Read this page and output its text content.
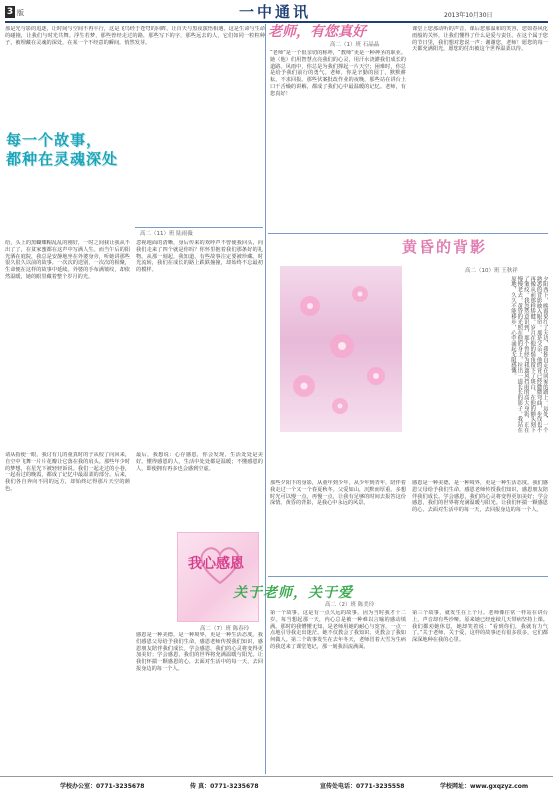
3 版	一中通讯	2013年10月30日
那是光与影的追逐，让时间与空间不再平行，这是飞鸟经于苍穹的回眸，让百天与黑夜演悟相遇，这是生命与生命的碰撞，让我们与时光共舞。浮生若梦，那些曾经走过的路，那些写下的字，那些远去的人，它们如同一粒粒种子，被埋藏在灵魂的深处，在某一个不经意的瞬间，悄然发芽。
每一个故事，
都种在灵魂深处
高二（11）班 陆雨薇
给，头上的黑蝴蝶帽乱乱的刚好，一时之间我让我从不出了了，在贫家蜜都在这声中写满人生。而当午后的阳光洒在庭院，我总是安静地坐在外婆身旁，听她讲那些很久很久以前的故事。一次次的送别，一次次的相聚，生命便在这样的故事中延续。外婆的手布满皱纹，却依然温暖，她的眼里藏着整个岁月的光。
忽视地面的清晰，身后传来的欢呼声不曾使我回头，向我们走来了四个就是你吗？你怀里抱着我们那条好的礼物。从那一刻起，我知道，有些故事注定要被珍藏。时光流转，我们在成长的路上跌跌撞撞，却始终不忘最初的模样。
请从指使一眼，我讨有儿的童真时的子从校了向回来，自空中飞舞一片片花瓣让它落在我的肩头。那些年少时的梦想，在星光下被轻轻诉说。我们一起走过的小巷，一起看过的晚霞，都成了记忆中最温柔的部分。后来，我们各自奔向不同的远方，却始终记得那片天空的颜色。
最后，我想说：心存感恩，你会发现，生活处处是美好。懂得感恩的人，生活中处处都是温暖；不懂感恩的人，即使拥有再多也会感到空虚。
我心感恩
高二（7）班 陈春玲
感恩是一种美德，是一种境界，更是一种生活态度。我们感恩父母给予我们生命，感恩老师传授我们知识，感恩朋友陪伴我们成长。学会感恩，我们的心灵将变得更加美好；学会感恩，我们的世界将充满温暖与阳光。让我们怀揣一颗感恩的心，去面对生活中的每一天，去回报身边的每一个人。
老师，有您真好
高二（1）班 石晶晶
“老师”是一个很亲切的称呼，“教师”更是一种神圣的职业。她（他）们用智慧点亮我们的心灵，用汗水浇灌我们成长的道路。风雨中，你总是为我们撑起一片天空；困难时，你总是给予我们前行的勇气。老师，你是辛勤的园丁，默默耕耘，不求回报。那些伏案批改作业的夜晚，那些站在讲台上口干舌燥的讲解，都成了我们心中最温暖的记忆。老师，有您真好！
课堂上您那动听的声音，课后您那温和的笑容，您如春风化雨般的关怀，让我们懂得了什么是爱与责任。在这个属于您的节日里，我们想对您说一声：谢谢您，老师！愿您的每一天都充满阳光，愿您的付出被这个世界温柔以待。
黄昏的背影
高二（10）班 王秋祥
夕阳西下，晚霞染红了天边，我独自走在回家的路上。远处，一个熟悉的背影映入眼帘。那是父亲，他的背已经微微弯曲，步伐也不再像从前那样矫健。岁月在他的鬓角留下了斑白，在他的额头刻下了皱纹。我忽然意识到，那个曾经为我遮风挡雨的高大身影，正在慢慢老去。黄昏的光照在他的身上，拉出一道长长的影子。我站在原地，久久不能移步，心中涌起无限感慨。
那些夕阳下的身影，从童年到少年，从少年到青年，陪伴着我走过一个又一个春夏秋冬。父爱如山，沉默而厚重。多想时光可以慢一点，再慢一点，让我有足够的时间去报答这份深情。黄昏的背影，是我心中永远的风景。
感恩是一种美德，是一种境界，更是一种生活态度。我们感恩父母给予我们生命，感恩老师传授我们知识，感恩朋友陪伴我们成长。学会感恩，我们的心灵将变得更加美好；学会感恩，我们的世界将充满温暖与阳光。让我们怀揣一颗感恩的心，去面对生活中的每一天，去回报身边的每一个人。
关于老师，关于爱
高二（2）班 陈美玲
第一个故事，这是有一点久远的故事。因为当时我才十二岁。每当想起那一天，内心总是被一种难以言喻的感动填满。那时的我懵懂无知，是老师用她的耐心与宽容，一点一点地引导我走出迷茫。她不仅教会了我知识，更教会了我如何做人。第二个故事发生在去年冬天，老师冒着大雪为生病的我送来了课堂笔记，那一刻我泪流满面。
第三个故事，就发生在上个月。老师像往常一样站在讲台上，声音却有些沙哑。原来她已经连续几天带病坚持上课。我们都劝她休息，她却笑着说：“看到你们，我就有力气了。”关于老师，关于爱，这样的故事还有很多很多，它们都深深地种在我的心里。
学校办公室：0771-3235678	传 真：0771-3235678	宣传处电话：0771-3235558	学校网址：www.gxqzyz.com
